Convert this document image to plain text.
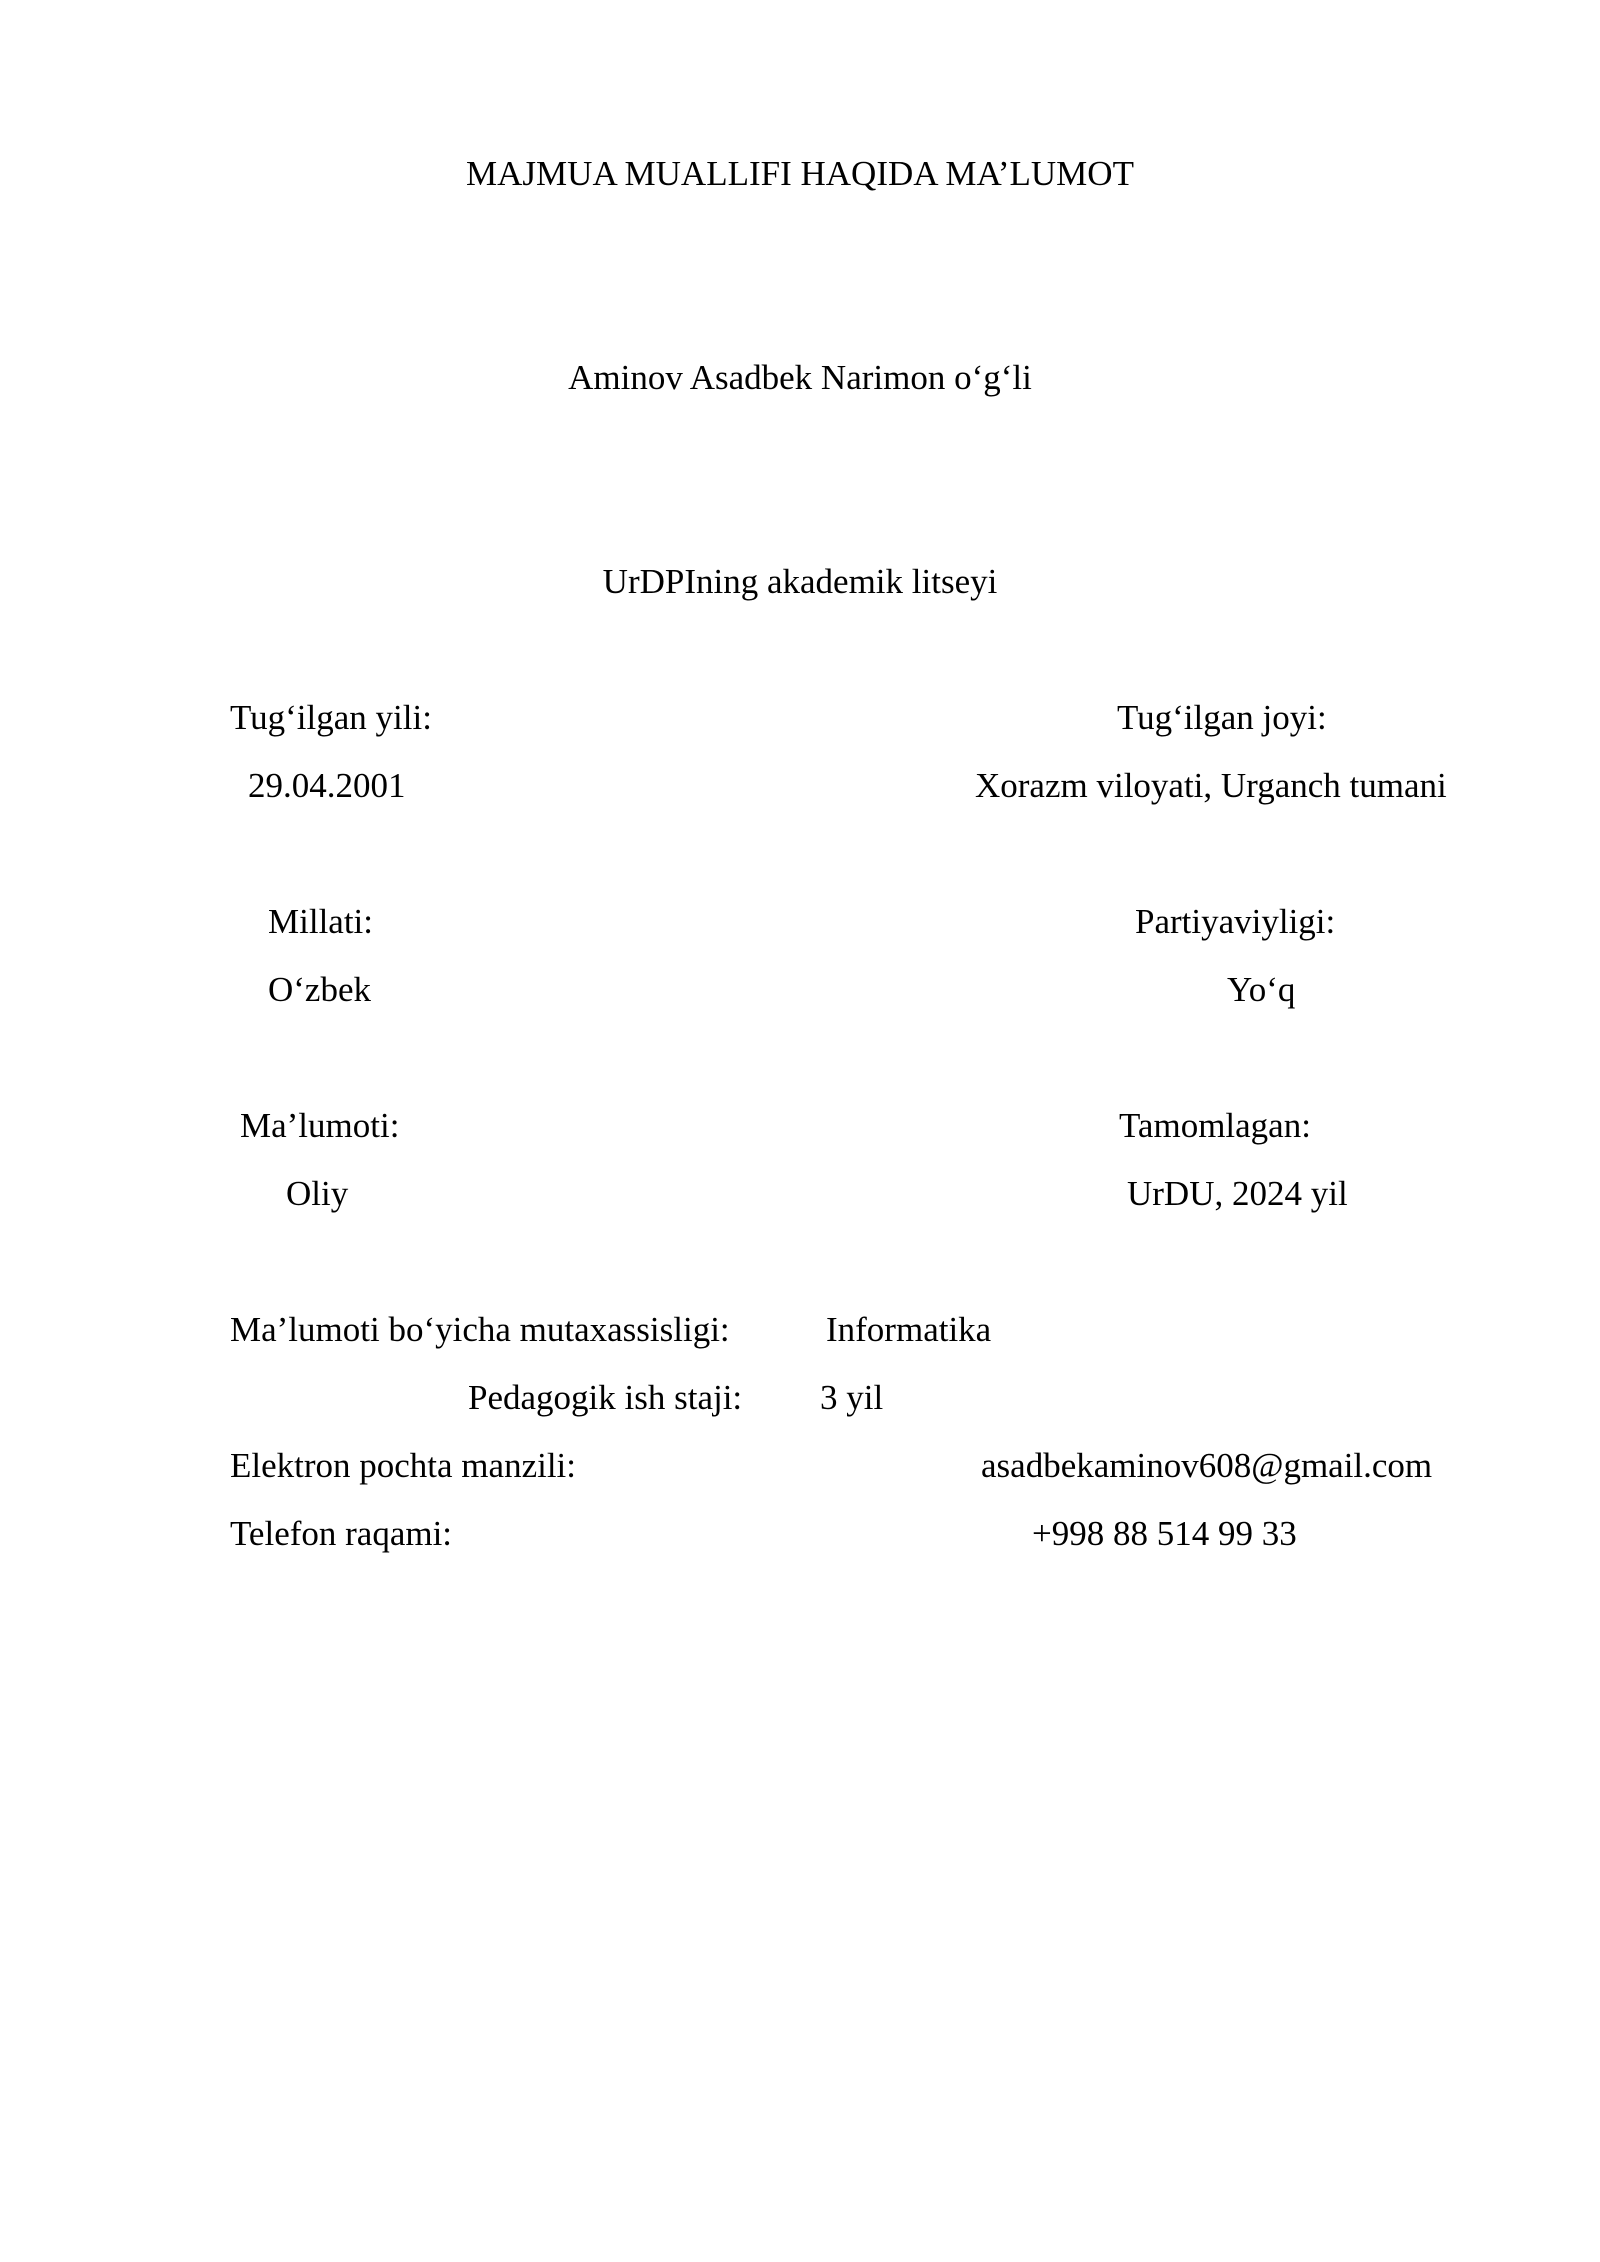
MAJMUA MUALLIFI HAQIDA MA’LUMOT

Aminov Asadbek Narimon o‘g‘li

UrDPIning akademik litseyi

Tug‘ilgan yili:

29.04.2001

Tug‘ilgan joyi:

Xorazm viloyati, Urganch tumani

Millati:

O‘zbek

Partiyaviyligi:

Yo‘q

Ma’lumoti:

Oliy

Tamomlagan:

UrDU, 2024 yil

Ma’lumoti bo‘yicha mutaxassisligi:	Informatika

Pedagogik ish staji: 3 yil

Elektron pochta manzili:	asadbekaminov608@gmail.com

Telefon raqami:	+998 88 514 99 33
